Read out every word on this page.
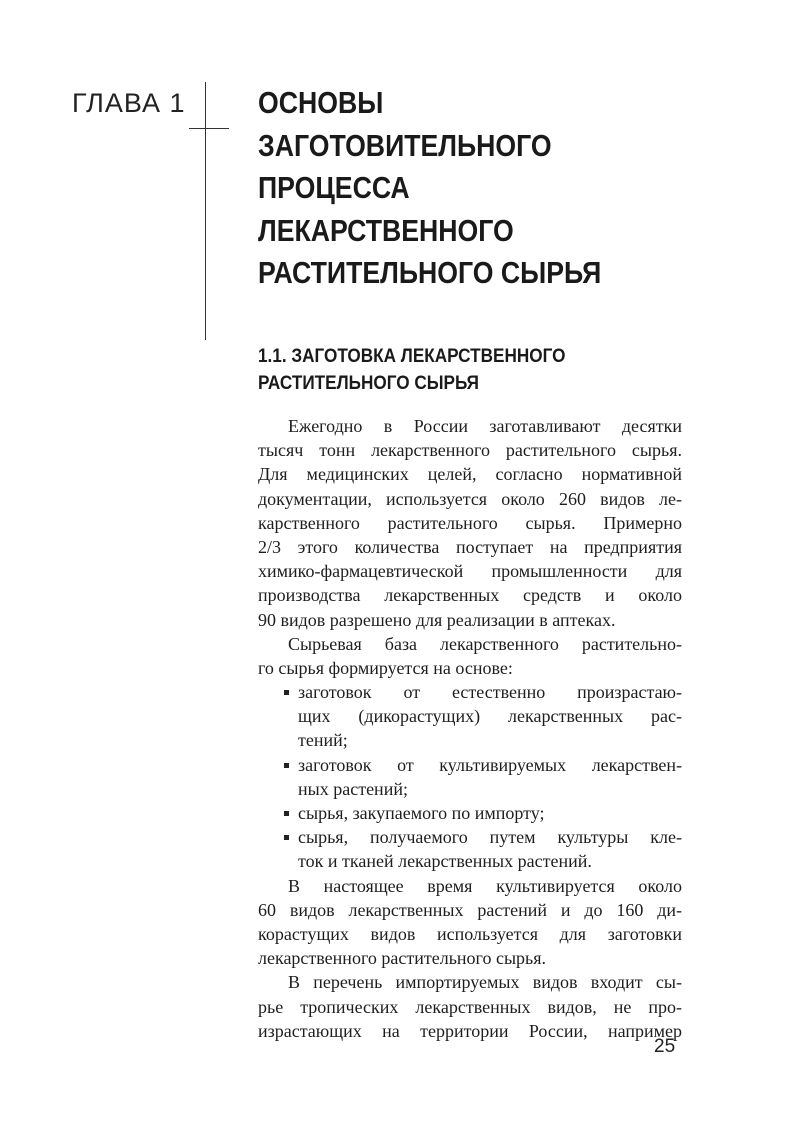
ГЛАВА 1 ОСНОВЫ
ЗАГОТОВИТЕЛЬНОГО
ПРОЦЕССА
ЛЕКАРСТВЕННОГО
РАСТИТЕЛЬНОГО СЫРЬЯ
1.1. ЗАГОТОВКА ЛЕКАРСТВЕННОГО
РАСТИТЕЛЬНОГО СЫРЬЯ
Ежегодно в России заготавливают десятки
тысяч тонн лекарственного растительного сырья.
Для медицинских целей, согласно нормативной
документации, используется около 260 видов ле-
карственного растительного сырья. Примерно
2/3 этого количества поступает на предприятия
химико-фармацевтической промышленности для
производства лекарственных средств и около
90 видов разрешено для реализации в аптеках.
Сырьевая база лекарственного растительно-
го сырья формируется на основе:
заготовок от естественно произрастаю-
щих (дикорастущих) лекарственных рас-
тений;
заготовок от культивируемых лекарствен-
ных растений;
сырья, закупаемого по импорту;
сырья, получаемого путем культуры кле-
ток и тканей лекарственных растений.
В настоящее время культивируется около
60 видов лекарственных растений и до 160 ди-
корастущих видов используется для заготовки
лекарственного растительного сырья.
В перечень импортируемых видов входит сы-
рье тропических лекарственных видов, не про-
израстающих на территории России, например
25
